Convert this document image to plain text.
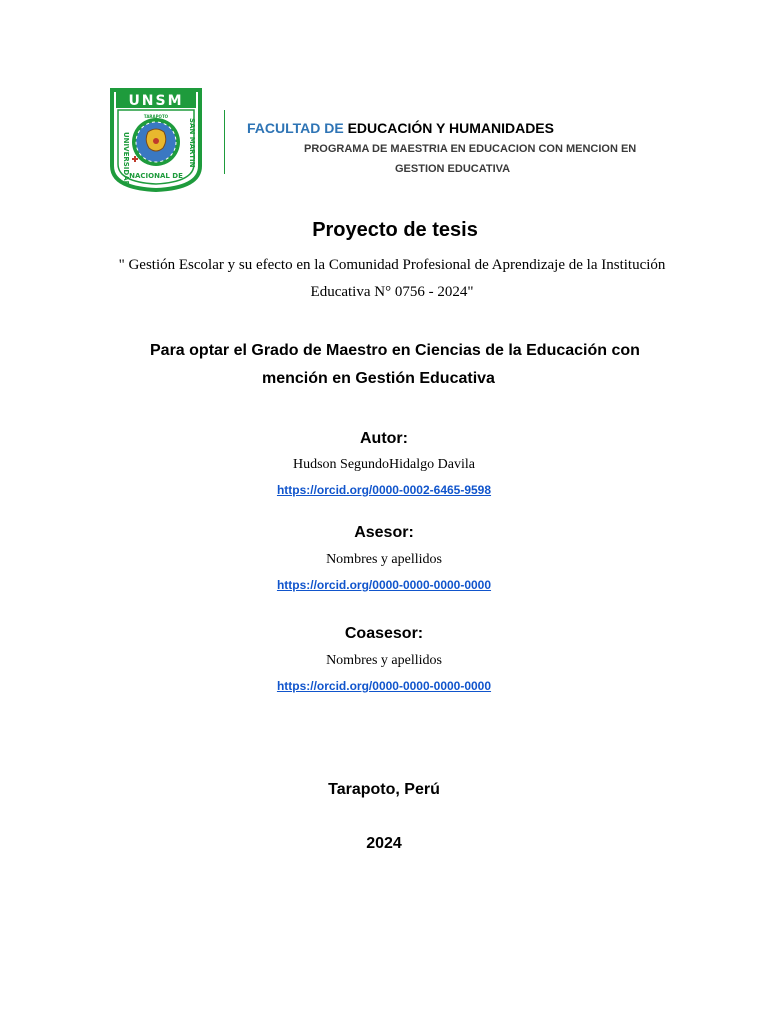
UNSM
UNIVERSIDAD	SAN MARTIN
NACIONAL DE
TARAPOTO
FACULTAD DE EDUCACIÓN Y HUMANIDADES
PROGRAMA DE MAESTRIA EN EDUCACION CON MENCION EN
GESTION EDUCATIVA
Proyecto de tesis
" Gestión Escolar y su efecto en la Comunidad Profesional de Aprendizaje de la Institución
Educativa N° 0756 - 2024"
Para optar el Grado de Maestro en Ciencias de la Educación con
mención en Gestión Educativa
Autor:
Hudson SegundoHidalgo Davila
https://orcid.org/0000-0002-6465-9598
Asesor:
Nombres y apellidos
https://orcid.org/0000-0000-0000-0000
Coasesor:
Nombres y apellidos
https://orcid.org/0000-0000-0000-0000
Tarapoto, Perú
2024
